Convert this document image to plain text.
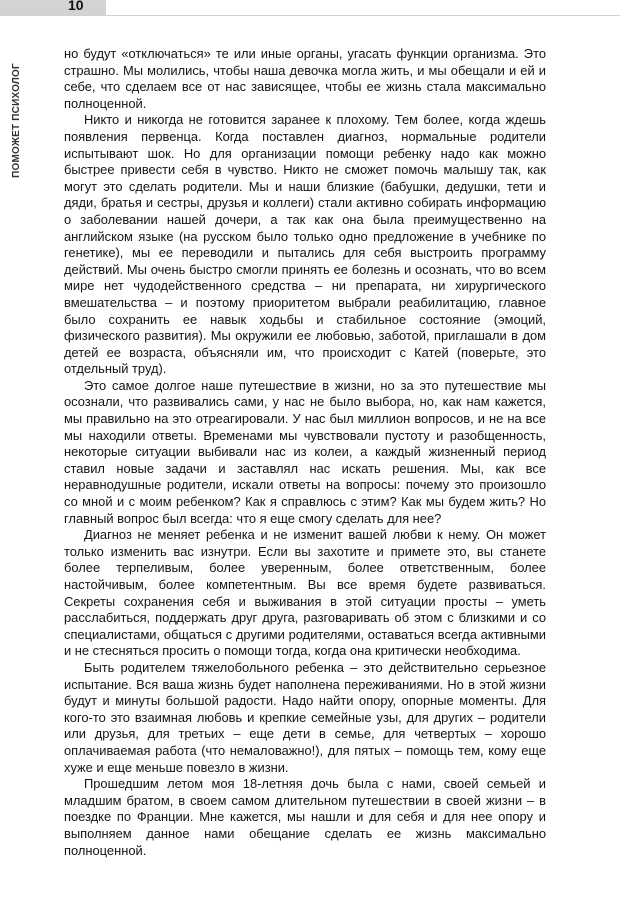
10
ПОМОЖЕТ ПСИХОЛОГ

но будут «отключаться» те или иные органы, угасать функции организма. Это страшно. Мы молились, чтобы наша девочка могла жить, и мы обещали и ей и себе, что сделаем все от нас зависящее, чтобы ее жизнь стала максимально полноценной.

Никто и никогда не готовится заранее к плохому. Тем более, когда ждешь появления первенца. Когда поставлен диагноз, нормальные родители испытывают шок. Но для организации помощи ребенку надо как можно быстрее привести себя в чувство. Никто не сможет помочь малышу так, как могут это сделать родители. Мы и наши близкие (бабушки, дедушки, тети и дяди, братья и сестры, друзья и коллеги) стали активно собирать информацию о заболевании нашей дочери, а так как она была преимущественно на английском языке (на русском было только одно предложение в учебнике по генетике), мы ее переводили и пытались для себя выстроить программу действий. Мы очень быстро смогли принять ее болезнь и осознать, что во всем мире нет чудодейственного средства – ни препарата, ни хирургического вмешательства – и поэтому приоритетом выбрали реабилитацию, главное было сохранить ее навык ходьбы и стабильное состояние (эмоций, физического развития). Мы окружили ее любовью, заботой, приглашали в дом детей ее возраста, объясняли им, что происходит с Катей (поверьте, это отдельный труд).

Это самое долгое наше путешествие в жизни, но за это путешествие мы осознали, что развивались сами, у нас не было выбора, но, как нам кажется, мы правильно на это отреагировали. У нас был миллион вопросов, и не на все мы находили ответы. Временами мы чувствовали пустоту и разобщенность, некоторые ситуации выбивали нас из колеи, а каждый жизненный период ставил новые задачи и заставлял нас искать решения. Мы, как все неравнодушные родители, искали ответы на вопросы: почему это произошло со мной и с моим ребенком? Как я справлюсь с этим? Как мы будем жить? Но главный вопрос был всегда: что я еще смогу сделать для нее?

Диагноз не меняет ребенка и не изменит вашей любви к нему. Он может только изменить вас изнутри. Если вы захотите и примете это, вы станете более терпеливым, более уверенным, более ответственным, более настойчивым, более компетентным. Вы все время будете развиваться. Секреты сохранения себя и выживания в этой ситуации просты – уметь расслабиться, поддержать друг друга, разговаривать об этом с близкими и со специалистами, общаться с другими родителями, оставаться всегда активными и не стесняться просить о помощи тогда, когда она критически необходима.

Быть родителем тяжелобольного ребенка – это действительно серьезное испытание. Вся ваша жизнь будет наполнена переживаниями. Но в этой жизни будут и минуты большой радости. Надо найти опору, опорные моменты. Для кого-то это взаимная любовь и крепкие семейные узы, для других – родители или друзья, для третьих – еще дети в семье, для четвертых – хорошо оплачиваемая работа (что немаловажно!), для пятых – помощь тем, кому еще хуже и еще меньше повезло в жизни.

Прошедшим летом моя 18-летняя дочь была с нами, своей семьей и младшим братом, в своем самом длительном путешествии в своей жизни – в поездке по Франции. Мне кажется, мы нашли и для себя и для нее опору и выполняем данное нами обещание сделать ее жизнь максимально полноценной.
